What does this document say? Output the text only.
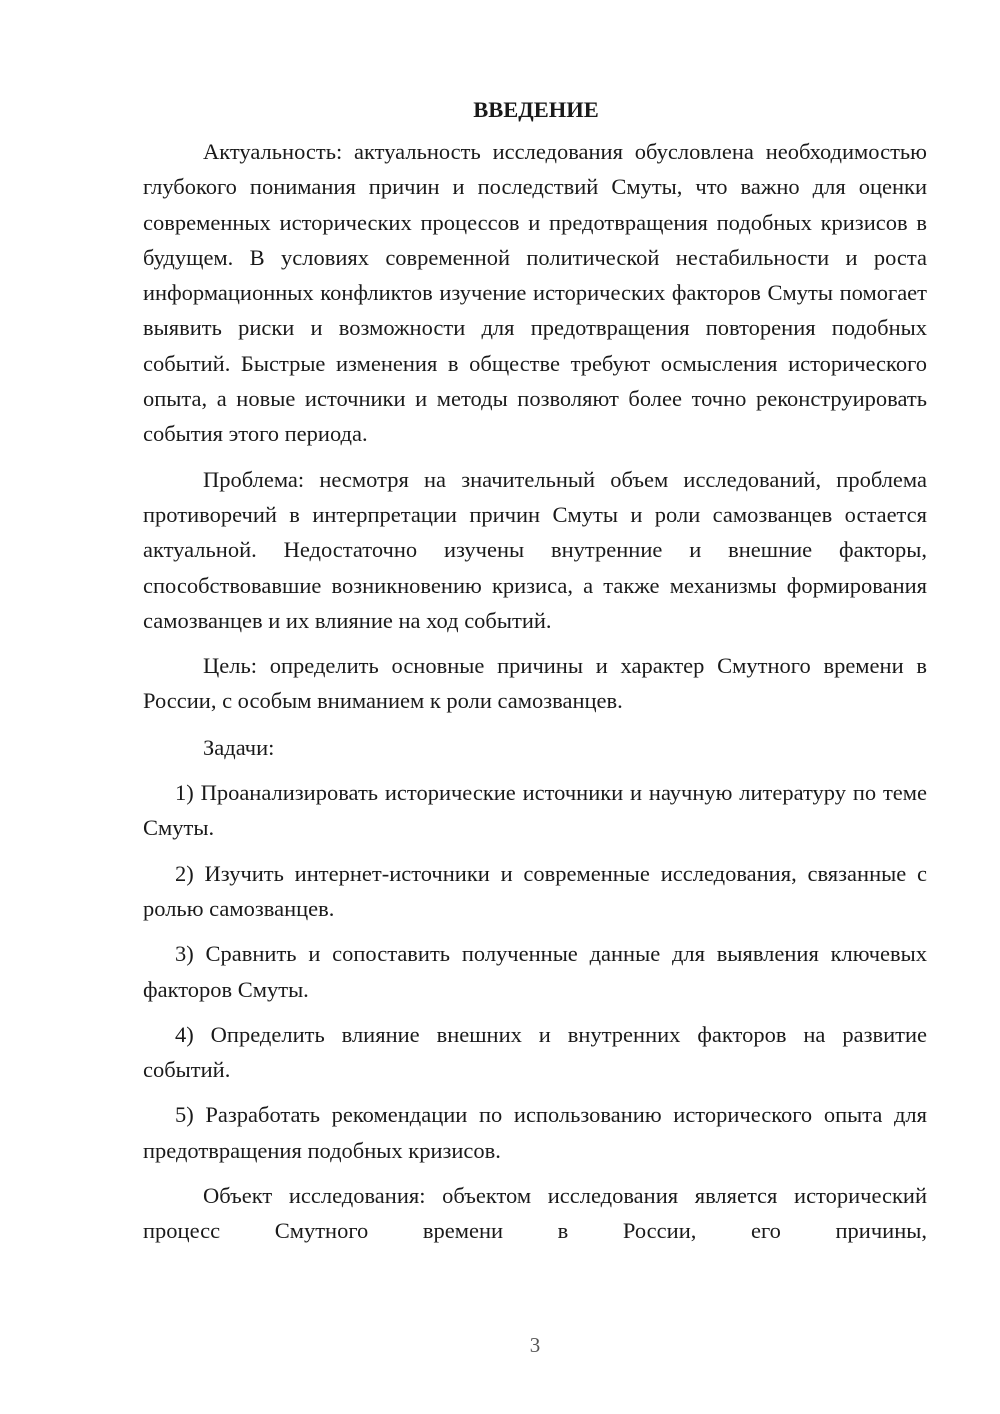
ВВЕДЕНИЕ

Актуальность: актуальность исследования обусловлена необходимостью глубокого понимания причин и последствий Смуты, что важно для оценки современных исторических процессов и предотвращения подобных кризисов в будущем. В условиях современной политической нестабильности и роста информационных конфликтов изучение исторических факторов Смуты помогает выявить риски и возможности для предотвращения повторения подобных событий. Быстрые изменения в обществе требуют осмысления исторического опыта, а новые источники и методы позволяют более точно реконструировать события этого периода.

Проблема: несмотря на значительный объем исследований, проблема противоречий в интерпретации причин Смуты и роли самозванцев остается актуальной. Недостаточно изучены внутренние и внешние факторы, способствовавшие возникновению кризиса, а также механизмы формирования самозванцев и их влияние на ход событий.

Цель: определить основные причины и характер Смутного времени в России, с особым вниманием к роли самозванцев.

Задачи:

1) Проанализировать исторические источники и научную литературу по теме Смуты.

2) Изучить интернет-источники и современные исследования, связанные с ролью самозванцев.

3) Сравнить и сопоставить полученные данные для выявления ключевых факторов Смуты.

4) Определить влияние внешних и внутренних факторов на развитие событий.

5) Разработать рекомендации по использованию исторического опыта для предотвращения подобных кризисов.

Объект исследования: объектом исследования является исторический процесс Смутного времени в России, его причины,

3
